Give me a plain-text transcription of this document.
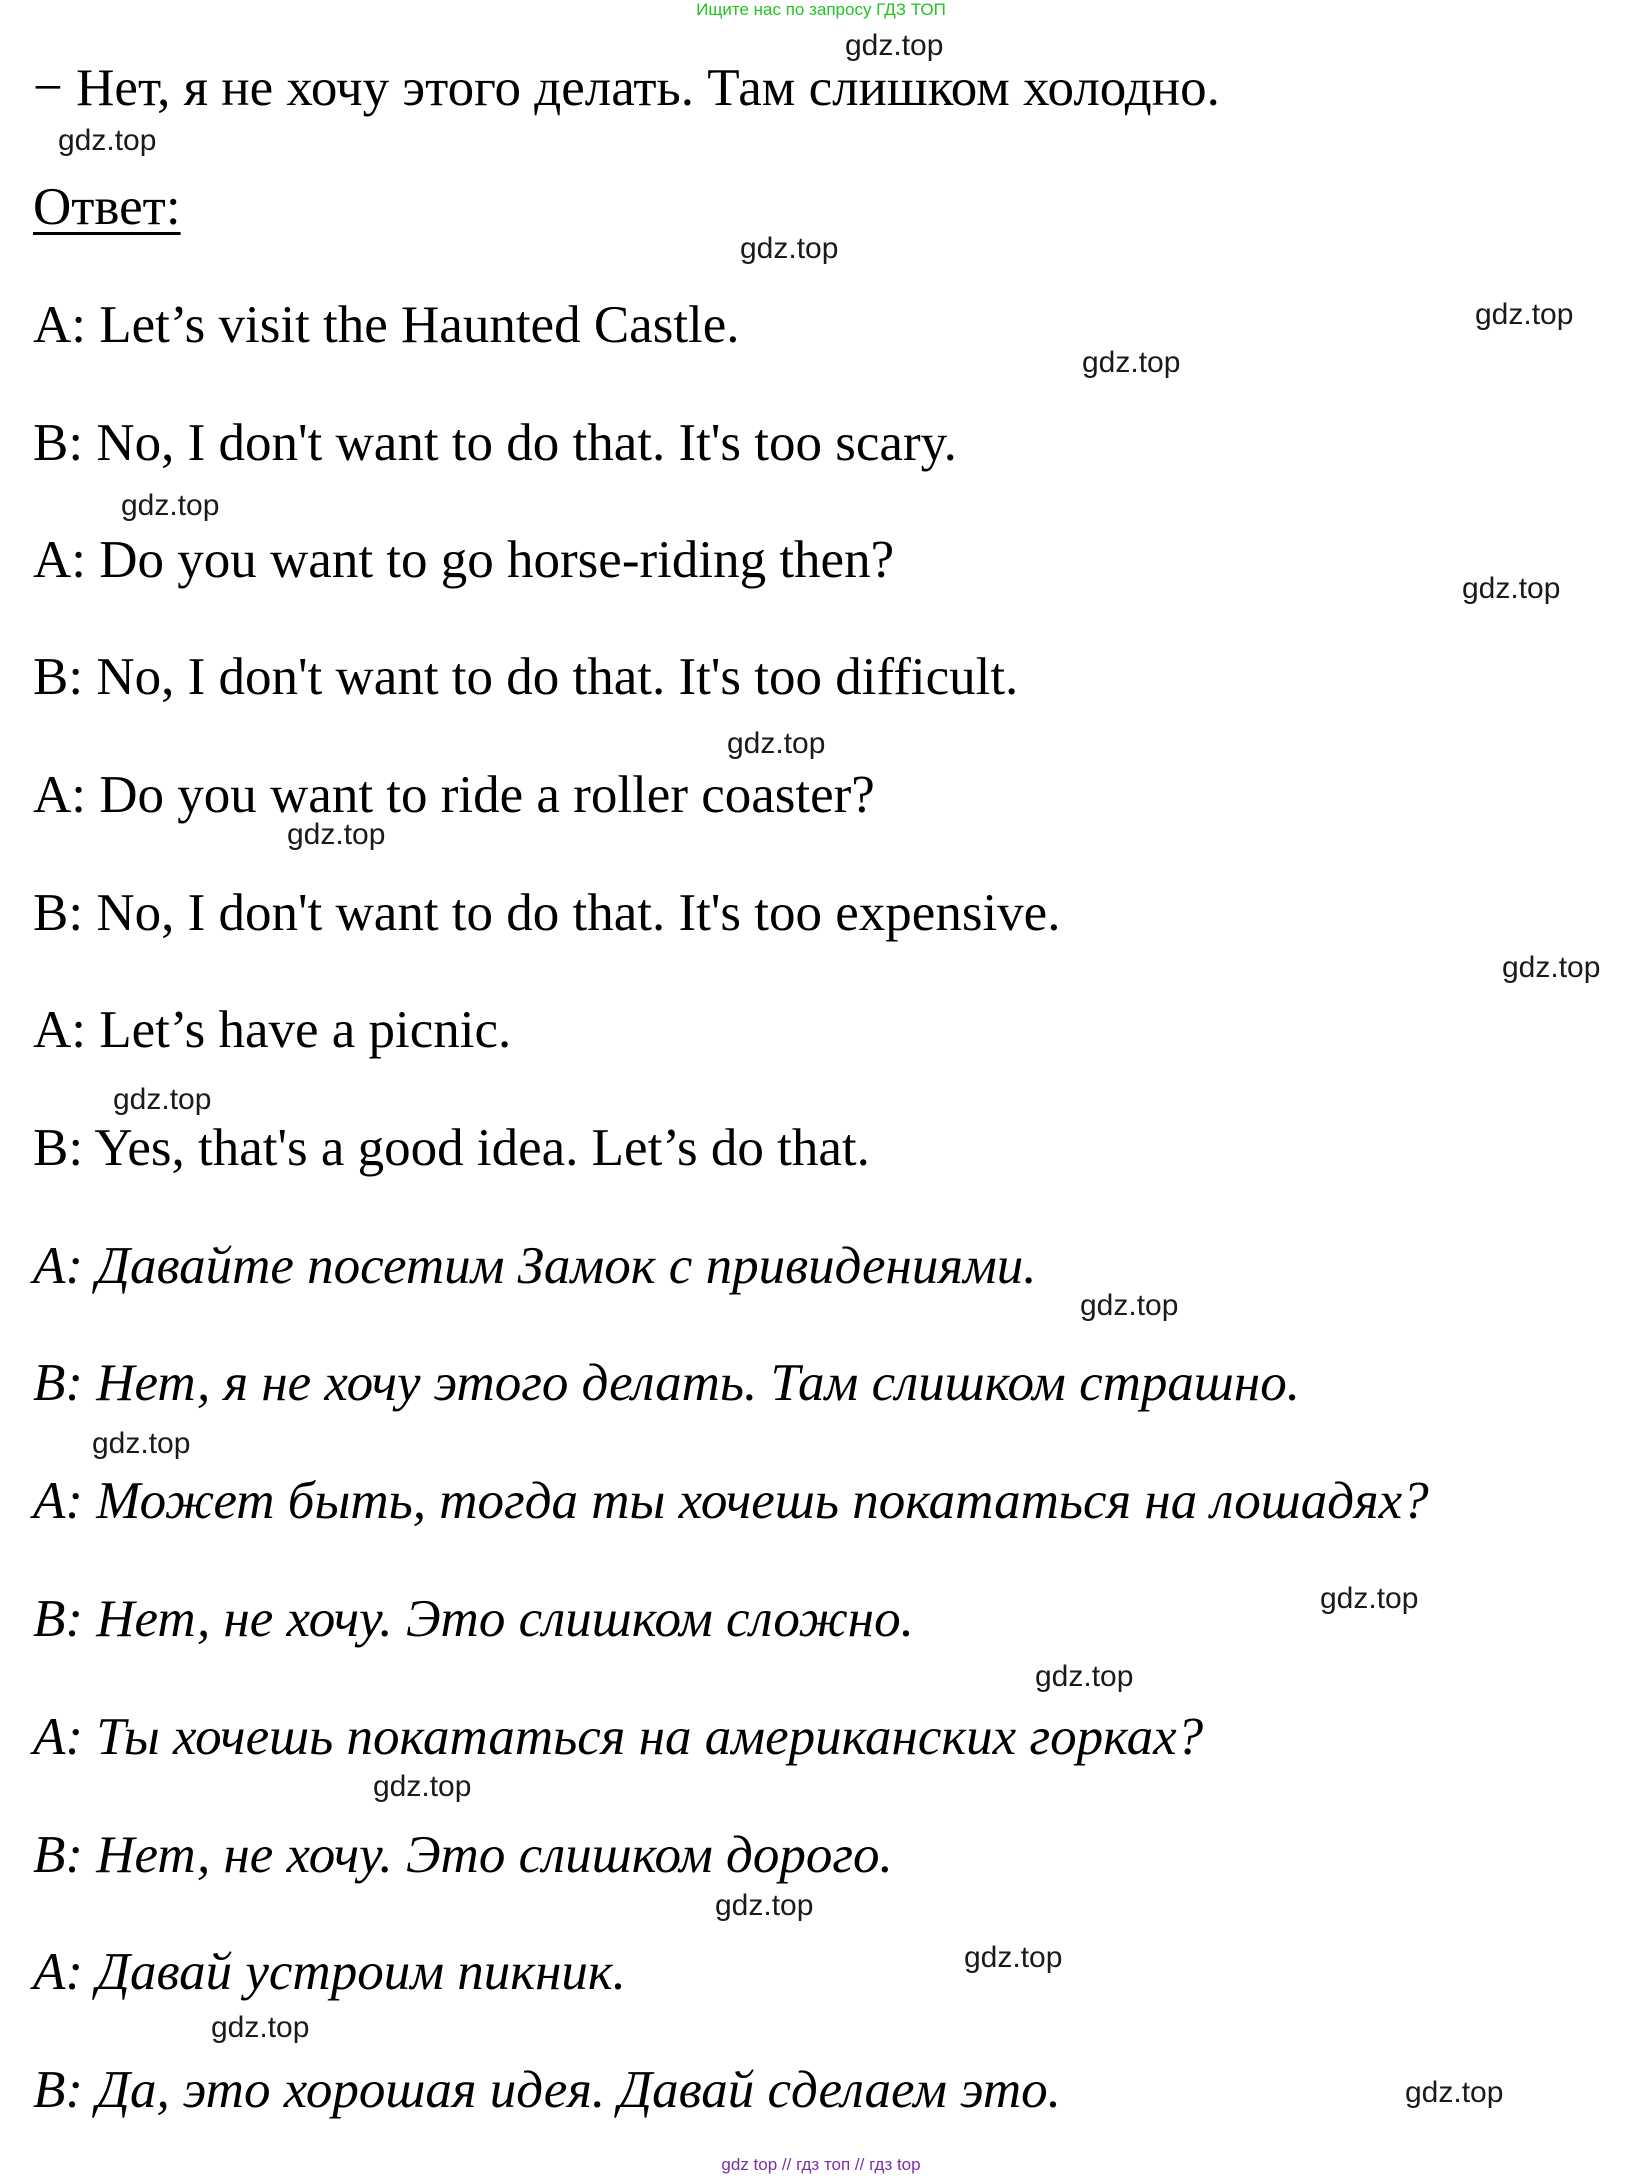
Ищите нас по запросу ГДЗ ТОП
− Нет, я не хочу этого делать. Там слишком холодно.
Ответ:
A: Let’s visit the Haunted Castle.
B: No, I don't want to do that. It's too scary.
A: Do you want to go horse-riding then?
B: No, I don't want to do that. It's too difficult.
A: Do you want to ride a roller coaster?
B: No, I don't want to do that. It's too expensive.
A: Let’s have a picnic.
B: Yes, that's a good idea. Let’s do that.
А: Давайте посетим Замок с привидениями.
В: Нет, я не хочу этого делать. Там слишком страшно.
А: Может быть, тогда ты хочешь покататься на лошадях?
В: Нет, не хочу. Это слишком сложно.
А: Ты хочешь покататься на американских горках?
В: Нет, не хочу. Это слишком дорого.
А: Давай устроим пикник.
В: Да, это хорошая идея. Давай сделаем это.
gdz.top
gdz.top
gdz.top
gdz.top
gdz.top
gdz.top
gdz.top
gdz.top
gdz.top
gdz.top
gdz.top
gdz.top
gdz.top
gdz.top
gdz.top
gdz.top
gdz.top
gdz.top
gdz.top
gdz.top
gdz top // гдз топ // гдз top
